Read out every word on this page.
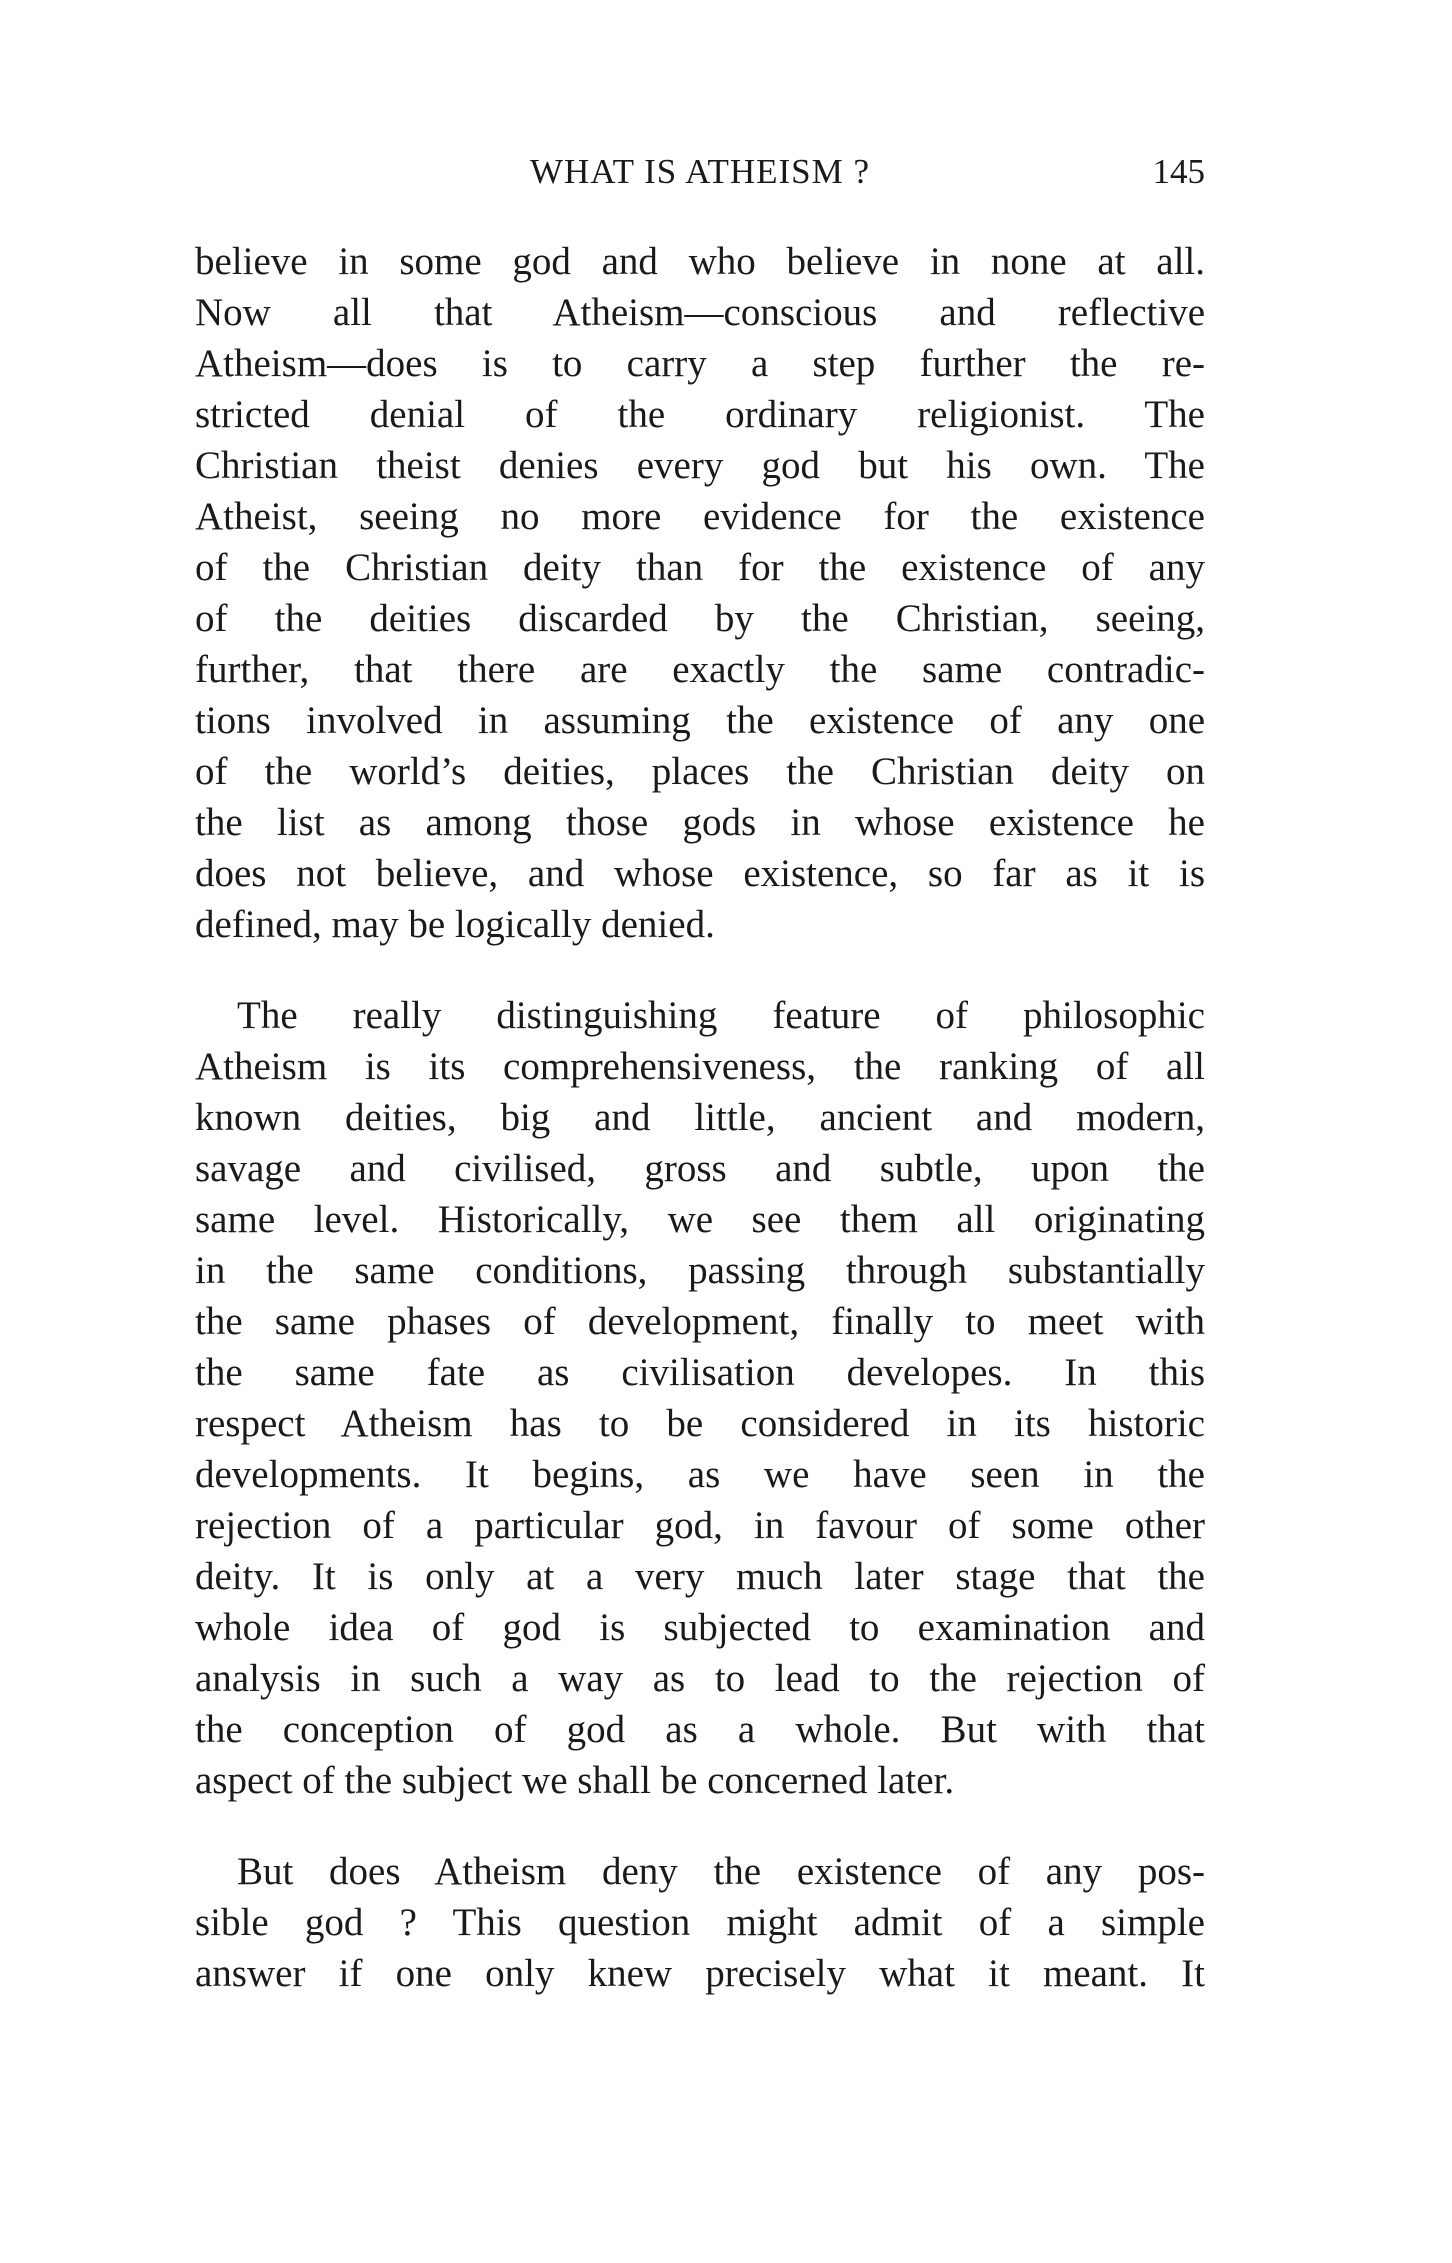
WHAT IS ATHEISM ?	145

believe in some god and who believe in none at all.
Now all that Atheism—conscious and reflective
Atheism—does is to carry a step further the re-
stricted denial of the ordinary religionist. The
Christian theist denies every god but his own. The
Atheist, seeing no more evidence for the existence
of the Christian deity than for the existence of any
of the deities discarded by the Christian, seeing,
further, that there are exactly the same contradic-
tions involved in assuming the existence of any one
of the world’s deities, places the Christian deity on
the list as among those gods in whose existence he
does not believe, and whose existence, so far as it is
defined, may be logically denied.

The really distinguishing feature of philosophic
Atheism is its comprehensiveness, the ranking of all
known deities, big and little, ancient and modern,
savage and civilised, gross and subtle, upon the
same level. Historically, we see them all originating
in the same conditions, passing through substantially
the same phases of development, finally to meet with
the same fate as civilisation developes. In this
respect Atheism has to be considered in its historic
developments. It begins, as we have seen in the
rejection of a particular god, in favour of some other
deity. It is only at a very much later stage that the
whole idea of god is subjected to examination and
analysis in such a way as to lead to the rejection of
the conception of god as a whole. But with that
aspect of the subject we shall be concerned later.

But does Atheism deny the existence of any pos-
sible god ? This question might admit of a simple
answer if one only knew precisely what it meant. It
